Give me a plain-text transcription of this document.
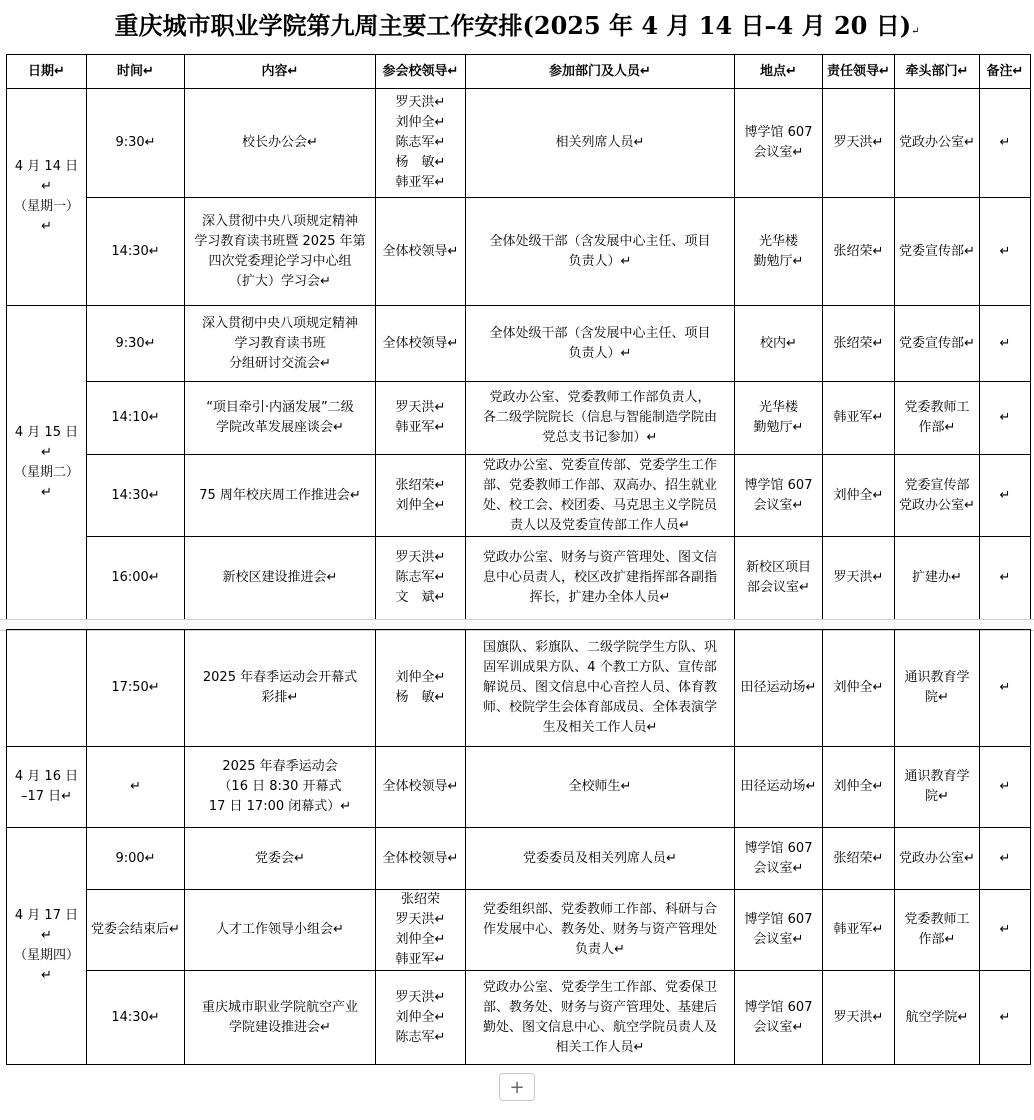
重庆城市职业学院第九周主要工作安排(2025 年 4 月 14 日–4 月 20 日)↵
日期↵	时间↵	内容↵	参会校领导↵	参加部门及人员↵	地点↵	责任领导↵	牵头部门↵	备注↵

4 月 14 日↵
（星期一）↵	9:30↵	校长办公会↵	罗天洪↵
刘仲全↵
陈志军↵
杨　敏↵
韩亚军↵	相关列席人员↵	博学馆 607
会议室↵	罗天洪↵	党政办公室↵	↵
	14:30↵	深入贯彻中央八项规定精神
学习教育读书班暨 2025 年第
四次党委理论学习中心组
（扩大）学习会↵	全体校领导↵	全体处级干部（含发展中心主任、项目
负责人）↵	光华楼
勤勉厅↵	张绍荣↵	党委宣传部↵	↵

4 月 15 日↵
（星期二）↵	9:30↵	深入贯彻中央八项规定精神
学习教育读书班
分组研讨交流会↵	全体校领导↵	全体处级干部（含发展中心主任、项目
负责人）↵	校内↵	张绍荣↵	党委宣传部↵	↵
	14:10↵	“项目牵引·内涵发展”二级
学院改革发展座谈会↵	罗天洪↵
韩亚军↵	党政办公室、党委教师工作部负责人，
各二级学院院长（信息与智能制造学院由
党总支书记参加）↵	光华楼
勤勉厅↵	韩亚军↵	党委教师工
作部↵	↵
	14:30↵	75 周年校庆周工作推进会↵	张绍荣↵
刘仲全↵	党政办公室、党委宣传部、党委学生工作
部、党委教师工作部、双高办、招生就业
处、校工会、校团委、马克思主义学院员
责人以及党委宣传部工作人员↵	博学馆 607
会议室↵	刘仲全↵	党委宣传部
党政办公室↵	↵
	16:00↵	新校区建设推进会↵	罗天洪↵
陈志军↵
文　斌↵	党政办公室、财务与资产管理处、图文信
息中心员责人，校区改扩建指挥部各副指
挥长，扩建办全体人员↵	新校区项目
部会议室↵	罗天洪↵	扩建办↵	↵
	17:50↵	2025 年春季运动会开幕式
彩排↵	刘仲全↵
杨　敏↵	国旗队、彩旗队、二级学院学生方队、巩
固军训成果方队、4 个教工方队、宣传部
解说员、图文信息中心音控人员、体育教
师、校院学生会体育部成员、全体表演学
生及相关工作人员↵	田径运动场↵	刘仲全↵	通识教育学
院↵	↵

4 月 16 日
–17 日↵	↵	2025 年春季运动会
（16 日 8:30 开幕式
17 日 17:00 闭幕式）↵	全体校领导↵	全校师生↵	田径运动场↵	刘仲全↵	通识教育学
院↵	↵

4 月 17 日↵
（星期四）↵	9:00↵	党委会↵	全体校领导↵	党委委员及相关列席人员↵	博学馆 607
会议室↵	张绍荣↵	党政办公室↵	↵
	党委会结束后↵	人才工作领导小组会↵	张绍荣
罗天洪↵
刘仲全↵
韩亚军↵	党委组织部、党委教师工作部、科研与合
作发展中心、教务处、财务与资产管理处
负责人↵	博学馆 607
会议室↵	韩亚军↵	党委教师工
作部↵	↵
	14:30↵	重庆城市职业学院航空产业
学院建设推进会↵	罗天洪↵
刘仲全↵
陈志军↵	党政办公室、党委学生工作部、党委保卫
部、教务处、财务与资产管理处、基建后
勤处、图文信息中心、航空学院员责人及
相关工作人员↵	博学馆 607
会议室↵	罗天洪↵	航空学院↵	↵
+
